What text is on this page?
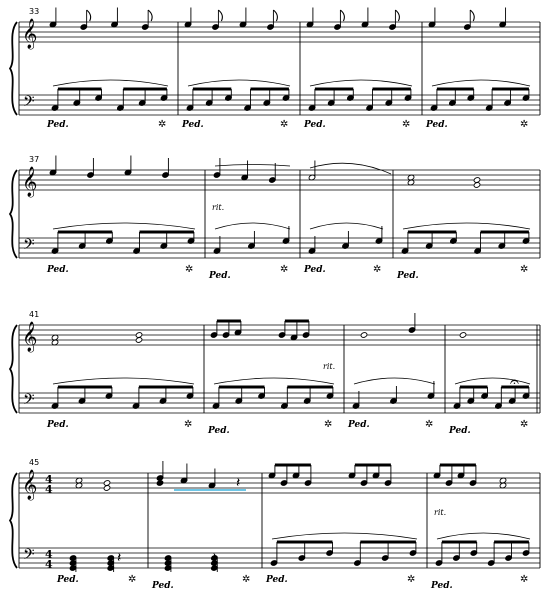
33
𝄞
𝄢
Ped.	✲ Ped.	✲ Ped.	✲ Ped.	✲
37
𝄞
𝄢
rit.
Ped.	✲
Ped.
✲ Ped.	✲
Ped.
✲
41
𝄞
𝄢
rit.
Ped.	✲
Ped.
✲ Ped.	✲
Ped.
✲
𝄐
45
𝄞
𝄢
4
4
4
4
rit.
𝄽
Ped.	✲
𝄽
𝄽
Ped.
✲ Ped.	✲
Ped.
✲
